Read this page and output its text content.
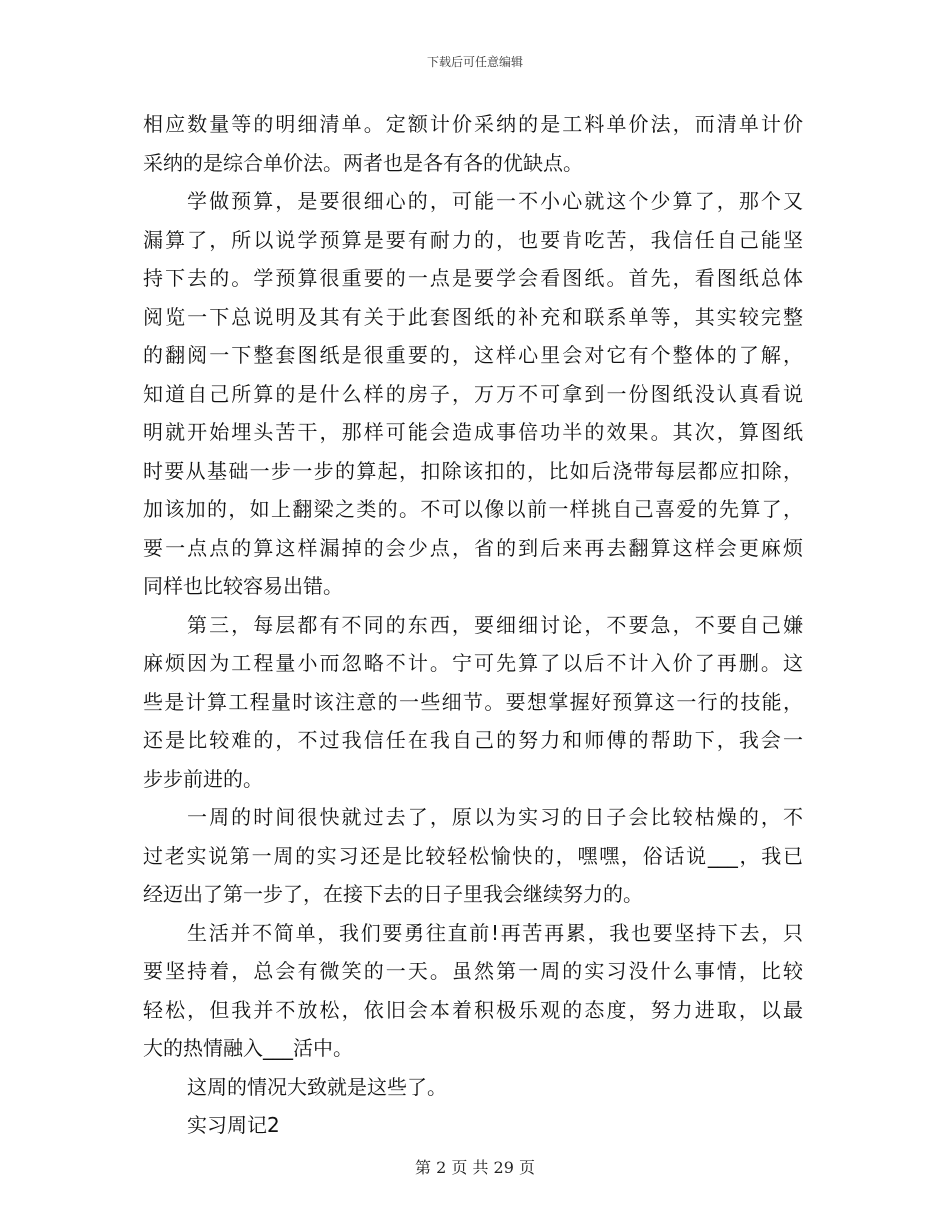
下载后可任意编辑
相应数量等的明细清单。定额计价采纳的是工料单价法，而清单计价
采纳的是综合单价法。两者也是各有各的优缺点。
学做预算，是要很细心的，可能一不小心就这个少算了，那个又
漏算了，所以说学预算是要有耐力的，也要肯吃苦，我信任自己能坚
持下去的。学预算很重要的一点是要学会看图纸。首先，看图纸总体
阅览一下总说明及其有关于此套图纸的补充和联系单等，其实较完整
的翻阅一下整套图纸是很重要的，这样心里会对它有个整体的了解，
知道自己所算的是什么样的房子，万万不可拿到一份图纸没认真看说
明就开始埋头苦干，那样可能会造成事倍功半的效果。其次，算图纸
时要从基础一步一步的算起，扣除该扣的，比如后浇带每层都应扣除，
加该加的，如上翻梁之类的。不可以像以前一样挑自己喜爱的先算了，
要一点点的算这样漏掉的会少点，省的到后来再去翻算这样会更麻烦
同样也比较容易出错。
第三，每层都有不同的东西，要细细讨论，不要急，不要自己嫌
麻烦因为工程量小而忽略不计。宁可先算了以后不计入价了再删。这
些是计算工程量时该注意的一些细节。要想掌握好预算这一行的技能，
还是比较难的，不过我信任在我自己的努力和师傅的帮助下，我会一
步步前进的。
一周的时间很快就过去了，原以为实习的日子会比较枯燥的，不
过老实说第一周的实习还是比较轻松愉快的，嘿嘿，俗话说___，我已
经迈出了第一步了，在接下去的日子里我会继续努力的。
生活并不简单，我们要勇往直前!再苦再累，我也要坚持下去，只
要坚持着，总会有微笑的一天。虽然第一周的实习没什么事情，比较
轻松，但我并不放松，依旧会本着积极乐观的态度，努力进取，以最
大的热情融入___活中。
这周的情况大致就是这些了。
实习周记2
第 2 页 共 29 页
